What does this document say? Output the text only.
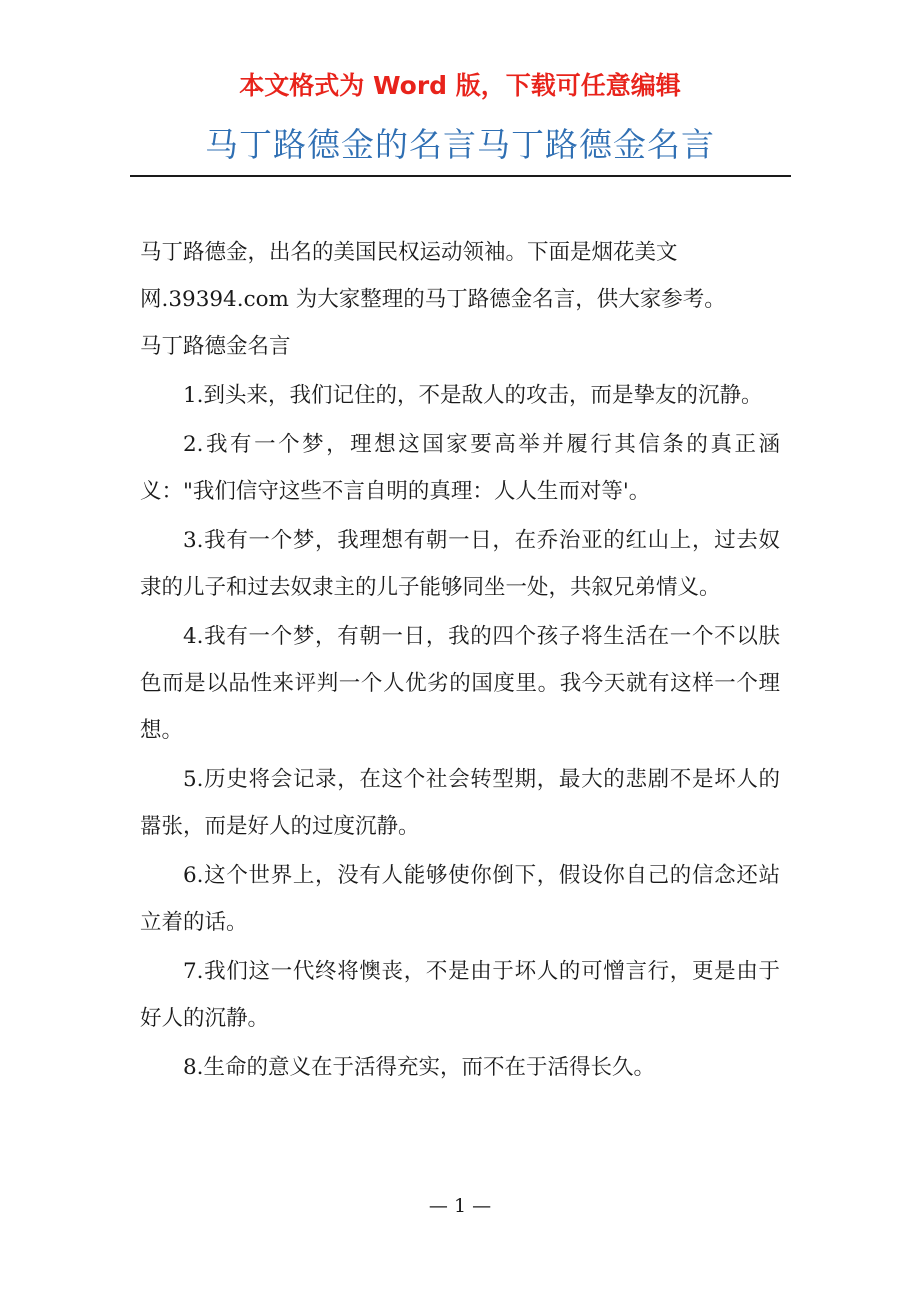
本文格式为 Word 版，下载可任意编辑
马丁路德金的名言马丁路德金名言

马丁路德金，出名的美国民权运动领袖。下面是烟花美文
网.39394.com 为大家整理的马丁路德金名言，供大家参考。
马丁路德金名言

1.到头来，我们记住的，不是敌人的攻击，而是挚友的沉静。

2.我有一个梦，理想这国家要高举并履行其信条的真正涵义："我们信守这些不言自明的真理：人人生而对等'。

3.我有一个梦，我理想有朝一日，在乔治亚的红山上，过去奴隶的儿子和过去奴隶主的儿子能够同坐一处，共叙兄弟情义。

4.我有一个梦，有朝一日，我的四个孩子将生活在一个不以肤色而是以品性来评判一个人优劣的国度里。我今天就有这样一个理想。

5.历史将会记录，在这个社会转型期，最大的悲剧不是坏人的嚣张，而是好人的过度沉静。

6.这个世界上，没有人能够使你倒下，假设你自己的信念还站立着的话。

7.我们这一代终将懊丧，不是由于坏人的可憎言行，更是由于好人的沉静。

8.生命的意义在于活得充实，而不在于活得长久。

— 1 —
